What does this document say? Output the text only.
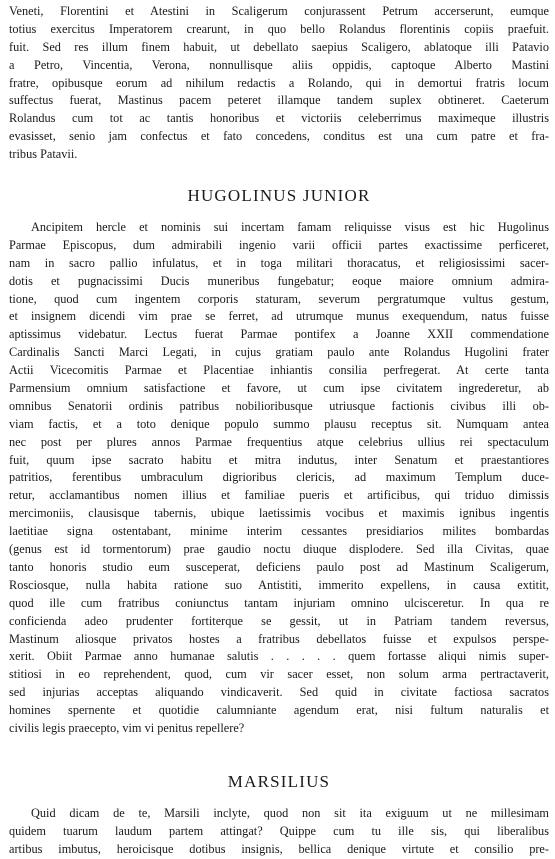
Veneti, Florentini et Atestini in Scaligerum conjurassent Petrum accerserunt, eumque
totius exercitus Imperatorem crearunt, in quo bello Rolandus florentinis copiis praefuit.
fuit. Sed res illum finem habuit, ut debellato saepius Scaligero, ablatoque illi Patavio
a Petro, Vincentia, Verona, nonnullisque aliis oppidis, captoque Alberto Mastini
fratre, opibusque eorum ad nihilum redactis a Rolando, qui in demortui fratris locum
suffectus fuerat, Mastinus pacem peteret illamque tandem suplex obtineret. Caeterum
Rolandus cum tot ac tantis honoribus et victoriis celeberrimus maximeque illustris
evasisset, senio jam confectus et fato concedens, conditus est una cum patre et fra-
tribus Patavii.
HUGOLINUS JUNIOR
Ancipitem hercle et nominis sui incertam famam reliquisse visus est hic Hugolinus
Parmae Episcopus, dum admirabili ingenio varii officii partes exactissime perficeret,
nam in sacro pallio infulatus, et in toga militari thoracatus, et religiosissimi sacer-
dotis et pugnacissimi Ducis muneribus fungebatur; eoque maiore omnium admira-
tione, quod cum ingentem corporis staturam, severum pergratumque vultus gestum,
et insignem dicendi vim prae se ferret, ad utrumque munus exequendum, natus fuisse
aptissimus videbatur. Lectus fuerat Parmae pontifex a Joanne XXII commendatione
Cardinalis Sancti Marci Legati, in cujus gratiam paulo ante Rolandus Hugolini frater
Actii Vicecomitis Parmae et Placentiae inhiantis consilia perfregerat. At certe tanta
Parmensium omnium satisfactione et favore, ut cum ipse civitatem ingrederetur, ab
omnibus Senatorii ordinis patribus nobilioribusque utriusque factionis civibus illi ob-
viam factis, et a toto denique populo summo plausu receptus sit. Numquam antea
nec post per plures annos Parmae frequentius atque celebrius ullius rei spectaculum
fuit, quum ipse sacrato habitu et mitra indutus, inter Senatum et praestantiores
patritios, ferentibus umbraculum digrioribus clericis, ad maximum Templum duce-
retur, acclamantibus nomen illius et familiae pueris et artificibus, qui triduo dimissis
mercimoniis, clausisque tabernis, ubique laetissimis vocibus et maximis ignibus ingentis
laetitiae signa ostentabant, minime interim cessantes presidiarios milites bombardas
(genus est id tormentorum) prae gaudio noctu diuque displodere. Sed illa Civitas, quae
tanto honoris studio eum susceperat, deficiens paulo post ad Mastinum Scaligerum,
Rosciosque, nulla habita ratione suo Antistiti, immerito expellens, in causa extitit,
quod ille cum fratribus coniunctus tantam injuriam omnino ulcisceretur. In qua re
conficienda adeo prudenter fortiterque se gessit, ut in Patriam tandem reversus,
Mastinum aliosque privatos hostes a fratribus debellatos fuisse et expulsos perspe-
xerit. Obiit Parmae anno humanae salutis . . . . . quem fortasse aliqui nimis super-
stitiosi in eo reprehendent, quod, cum vir sacer esset, non solum arma pertractaverit,
sed injurias acceptas aliquando vindicaverit. Sed quid in civitate factiosa sacratos
homines spernente et quotidie calumniante agendum erat, nisi fultum naturalis et
civilis legis praecepto, vim vi penitus repellere?
MARSILIUS
Quid dicam de te, Marsili inclyte, quod non sit ita exiguum ut ne millesimam
quidem tuarum laudum partem attingat? Quippe cum tu ille sis, qui liberalibus
artibus imbutus, heroicisque dotibus insignis, bellica denique virtute et consilio pre-
